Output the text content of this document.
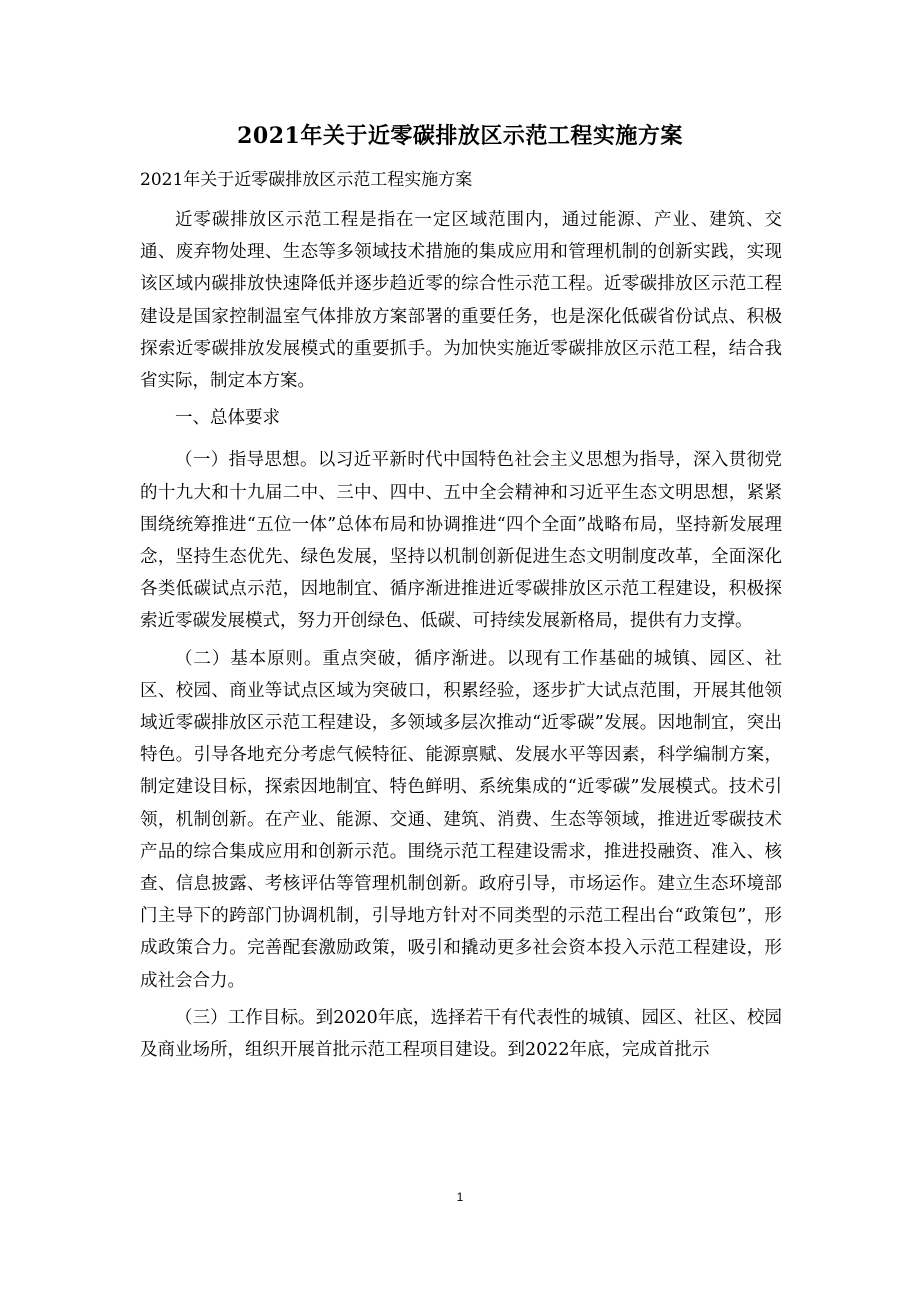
2021年关于近零碳排放区示范工程实施方案
2021年关于近零碳排放区示范工程实施方案

近零碳排放区示范工程是指在一定区域范围内，通过能源、产业、建筑、交通、废弃物处理、生态等多领域技术措施的集成应用和管理机制的创新实践，实现该区域内碳排放快速降低并逐步趋近零的综合性示范工程。近零碳排放区示范工程建设是国家控制温室气体排放方案部署的重要任务，也是深化低碳省份试点、积极探索近零碳排放发展模式的重要抓手。为加快实施近零碳排放区示范工程，结合我省实际，制定本方案。

一、总体要求

（一）指导思想。以习近平新时代中国特色社会主义思想为指导，深入贯彻党的十九大和十九届二中、三中、四中、五中全会精神和习近平生态文明思想，紧紧围绕统筹推进“五位一体”总体布局和协调推进“四个全面”战略布局，坚持新发展理念，坚持生态优先、绿色发展，坚持以机制创新促进生态文明制度改革，全面深化各类低碳试点示范，因地制宜、循序渐进推进近零碳排放区示范工程建设，积极探索近零碳发展模式，努力开创绿色、低碳、可持续发展新格局，提供有力支撑。

（二）基本原则。重点突破，循序渐进。以现有工作基础的城镇、园区、社区、校园、商业等试点区域为突破口，积累经验，逐步扩大试点范围，开展其他领域近零碳排放区示范工程建设，多领域多层次推动“近零碳”发展。因地制宜，突出特色。引导各地充分考虑气候特征、能源禀赋、发展水平等因素，科学编制方案，制定建设目标，探索因地制宜、特色鲜明、系统集成的“近零碳”发展模式。技术引领，机制创新。在产业、能源、交通、建筑、消费、生态等领域，推进近零碳技术产品的综合集成应用和创新示范。围绕示范工程建设需求，推进投融资、准入、核查、信息披露、考核评估等管理机制创新。政府引导，市场运作。建立生态环境部门主导下的跨部门协调机制，引导地方针对不同类型的示范工程出台“政策包”，形成政策合力。完善配套激励政策，吸引和撬动更多社会资本投入示范工程建设，形成社会合力。

（三）工作目标。到2020年底，选择若干有代表性的城镇、园区、社区、校园及商业场所，组织开展首批示范工程项目建设。到2022年底，完成首批示

1
